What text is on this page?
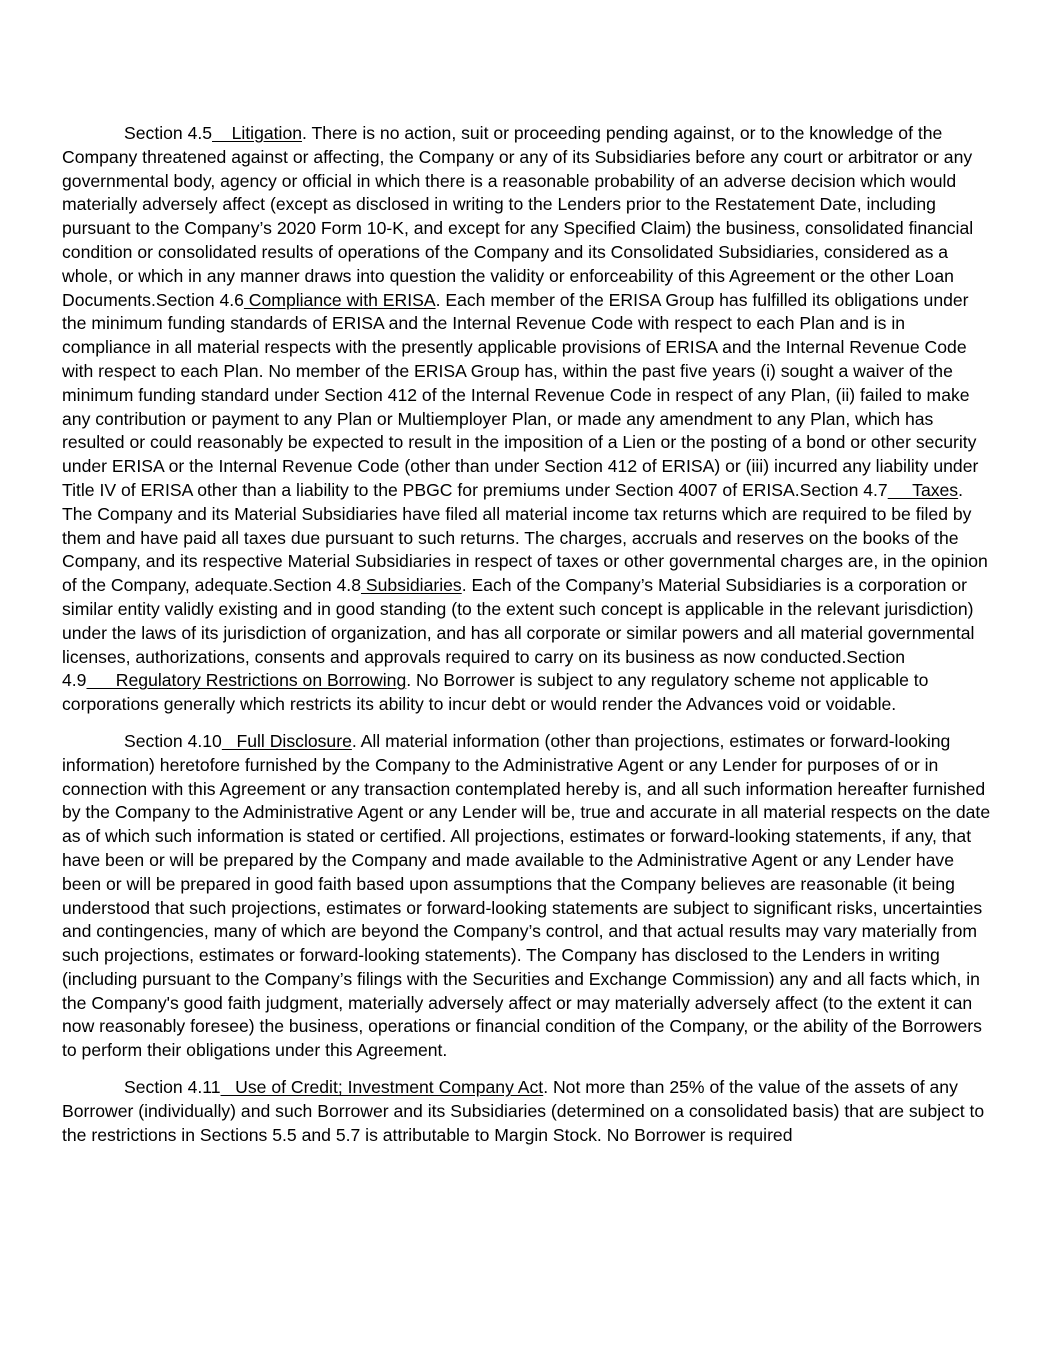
Section 4.5    Litigation. There is no action, suit or proceeding pending against, or to the knowledge of the Company threatened against or affecting, the Company or any of its Subsidiaries before any court or arbitrator or any governmental body, agency or official in which there is a reasonable probability of an adverse decision which would materially adversely affect (except as disclosed in writing to the Lenders prior to the Restatement Date, including pursuant to the Company’s 2020 Form 10-K, and except for any Specified Claim) the business, consolidated financial condition or consolidated results of operations of the Company and its Consolidated Subsidiaries, considered as a whole, or which in any manner draws into question the validity or enforceability of this Agreement or the other Loan Documents.Section 4.6 Compliance with ERISA. Each member of the ERISA Group has fulfilled its obligations under the minimum funding standards of ERISA and the Internal Revenue Code with respect to each Plan and is in compliance in all material respects with the presently applicable provisions of ERISA and the Internal Revenue Code with respect to each Plan. No member of the ERISA Group has, within the past five years (i) sought a waiver of the minimum funding standard under Section 412 of the Internal Revenue Code in respect of any Plan, (ii) failed to make any contribution or payment to any Plan or Multiemployer Plan, or made any amendment to any Plan, which has resulted or could reasonably be expected to result in the imposition of a Lien or the posting of a bond or other security under ERISA or the Internal Revenue Code (other than under Section 412 of ERISA) or (iii) incurred any liability under Title IV of ERISA other than a liability to the PBGC for premiums under Section 4007 of ERISA.Section 4.7     Taxes. The Company and its Material Subsidiaries have filed all material income tax returns which are required to be filed by them and have paid all taxes due pursuant to such returns. The charges, accruals and reserves on the books of the Company, and its respective Material Subsidiaries in respect of taxes or other governmental charges are, in the opinion of the Company, adequate.Section 4.8 Subsidiaries. Each of the Company’s Material Subsidiaries is a corporation or similar entity validly existing and in good standing (to the extent such concept is applicable in the relevant jurisdiction) under the laws of its jurisdiction of organization, and has all corporate or similar powers and all material governmental licenses, authorizations, consents and approvals required to carry on its business as now conducted.Section 4.9      Regulatory Restrictions on Borrowing. No Borrower is subject to any regulatory scheme not applicable to corporations generally which restricts its ability to incur debt or would render the Advances void or voidable.

Section 4.10   Full Disclosure. All material information (other than projections, estimates or forward-looking information) heretofore furnished by the Company to the Administrative Agent or any Lender for purposes of or in connection with this Agreement or any transaction contemplated hereby is, and all such information hereafter furnished by the Company to the Administrative Agent or any Lender will be, true and accurate in all material respects on the date as of which such information is stated or certified. All projections, estimates or forward-looking statements, if any, that have been or will be prepared by the Company and made available to the Administrative Agent or any Lender have been or will be prepared in good faith based upon assumptions that the Company believes are reasonable (it being understood that such projections, estimates or forward-looking statements are subject to significant risks, uncertainties and contingencies, many of which are beyond the Company’s control, and that actual results may vary materially from such projections, estimates or forward-looking statements). The Company has disclosed to the Lenders in writing (including pursuant to the Company’s filings with the Securities and Exchange Commission) any and all facts which, in the Company's good faith judgment, materially adversely affect or may materially adversely affect (to the extent it can now reasonably foresee) the business, operations or financial condition of the Company, or the ability of the Borrowers to perform their obligations under this Agreement.

Section 4.11   Use of Credit; Investment Company Act. Not more than 25% of the value of the assets of any Borrower (individually) and such Borrower and its Subsidiaries (determined on a consolidated basis) that are subject to the restrictions in Sections 5.5 and 5.7 is attributable to Margin Stock. No Borrower is required
